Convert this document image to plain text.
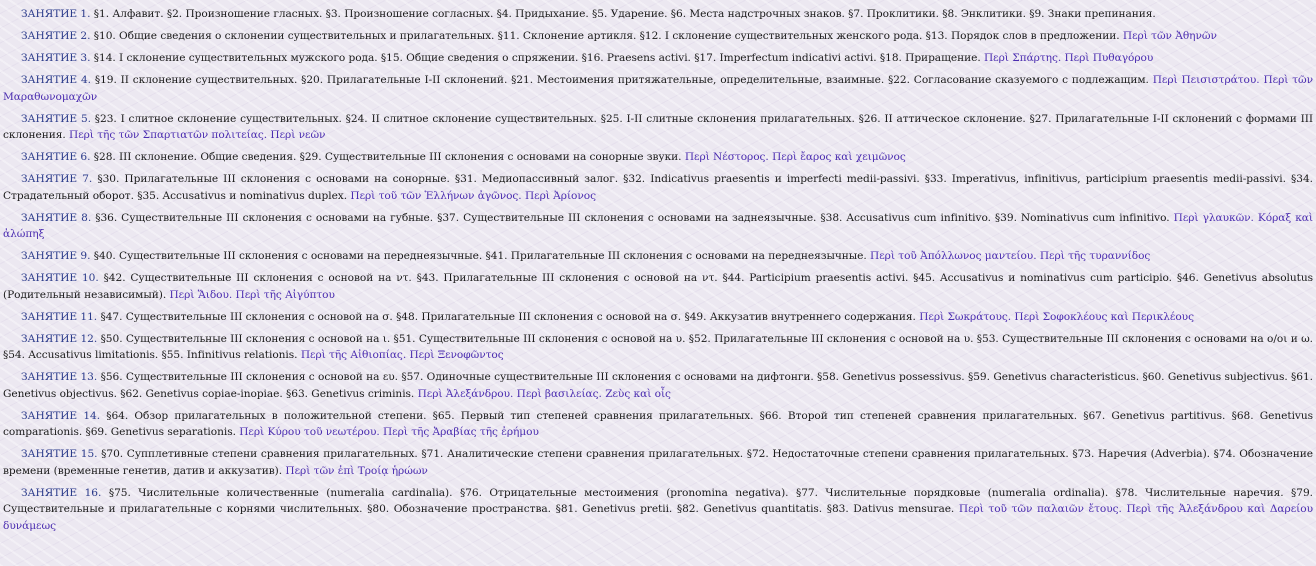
ЗАНЯТИЕ 1. §1. Алфавит. §2. Произношение гласных. §3. Произношение согласных. §4. Придыхание. §5. Ударение. §6. Места надстрочных знаков. §7. Проклитики. §8. Энклитики. §9. Знаки препинания.

ЗАНЯТИЕ 2. §10. Общие сведения о склонении существительных и прилагательных. §11. Склонение артикля. §12. I склонение существительных женского рода. §13. Порядок слов в предложении. Περὶ τῶν Ἀθηνῶν

ЗАНЯТИЕ 3. §14. I склонение существительных мужского рода. §15. Общие сведения о спряжении. §16. Praesens activi. §17. Imperfectum indicativi activi. §18. Приращение. Περὶ Σπάρτης. Περὶ Πυθαγόρου

ЗАНЯТИЕ 4. §19. II склонение существительных. §20. Прилагательные I-II склонений. §21. Местоимения притяжательные, определительные, взаимные. §22. Согласование сказуемого с подлежащим. Περὶ Πεισιστράτου. Περὶ τῶν Μαραθωνομαχῶν

ЗАНЯТИЕ 5. §23. I слитное склонение существительных. §24. II слитное склонение существительных. §25. I-II слитные склонения прилагательных. §26. II аттическое склонение. §27. Прилагательные I-II склонений с формами III склонения. Περὶ τῆς τῶν Σπαρτιατῶν πολιτείας. Περὶ νεῶν

ЗАНЯТИЕ 6. §28. III склонение. Общие сведения. §29. Существительные III склонения с основами на сонорные звуки. Περὶ Νέστορος. Περὶ ἔαρος καὶ χειμῶνος

ЗАНЯТИЕ 7. §30. Прилагательные III склонения с основами на сонорные. §31. Медиопассивный залог. §32. Indicativus praesentis и imperfecti medii-passivi. §33. Imperativus, infinitivus, participium praesentis medii-passivi. §34. Страдательный оборот. §35. Accusativus и nominativus duplex. Περὶ τοῦ τῶν Ἑλλήνων ἀγῶνος. Περὶ Ἀρίονος

ЗАНЯТИЕ 8. §36. Существительные III склонения с основами на губные. §37. Существительные III склонения с основами на заднеязычные. §38. Accusativus cum infinitivo. §39. Nominativus cum infinitivo. Περὶ γλαυκῶν. Κόραξ καὶ ἀλώπηξ

ЗАНЯТИЕ 9. §40. Существительные III склонения с основами на переднеязычные. §41. Прилагательные III склонения с основами на переднеязычные. Περὶ τοῦ Ἀπόλλωνος μαντείου. Περὶ τῆς τυραννίδος

ЗАНЯТИЕ 10. §42. Существительные III склонения с основой на ντ. §43. Прилагательные III склонения с основой на ντ. §44. Participium praesentis activi. §45. Accusativus и nominativus cum participio. §46. Genetivus absolutus (Родительный независимый). Περὶ Ἅιδου. Περὶ τῆς Αἰγύπτου

ЗАНЯТИЕ 11. §47. Существительные III склонения с основой на σ. §48. Прилагательные III склонения с основой на σ. §49. Аккузатив внутреннего содержания. Περὶ Σωκράτους. Περὶ Σοφοκλέους καὶ Περικλέους

ЗАНЯТИЕ 12. §50. Существительные III склонения с основой на ι. §51. Существительные III склонения с основой на υ. §52. Прилагательные III склонения с основой на υ. §53. Существительные III склонения с основами на ο/οι и ω. §54. Accusativus limitationis. §55. Infinitivus relationis. Περὶ τῆς Αἰθιοπίας. Περὶ Ξενοφῶντος

ЗАНЯТИЕ 13. §56. Существительные III склонения с основой на ευ. §57. Одиночные существительные III склонения с основами на дифтонги. §58. Genetivus possessivus. §59. Genetivus characteristicus. §60. Genetivus subjectivus. §61. Genetivus objectivus. §62. Genetivus copiae-inopiae. §63. Genetivus criminis. Περὶ Ἀλεξάνδρου. Περὶ βασιλείας. Ζεὺς καὶ οἶς

ЗАНЯТИЕ 14. §64. Обзор прилагательных в положительной степени. §65. Первый тип степеней сравнения прилагательных. §66. Второй тип степеней сравнения прилагательных. §67. Genetivus partitivus. §68. Genetivus comparationis. §69. Genetivus separationis. Περὶ Κύρου τοῦ νεωτέρου. Περὶ τῆς Ἀραβίας τῆς ἐρήμου

ЗАНЯТИЕ 15. §70. Супплетивные степени сравнения прилагательных. §71. Аналитические степени сравнения прилагательных. §72. Недостаточные степени сравнения прилагательных. §73. Наречия (Adverbia). §74. Обозначение времени (временные генетив, датив и аккузатив). Περὶ τῶν ἐπὶ Τροίᾳ ἡρώων

ЗАНЯТИЕ 16. §75. Числительные количественные (numeralia cardinalia). §76. Отрицательные местоимения (pronomina negativa). §77. Числительные порядковые (numeralia ordinalia). §78. Числительные наречия. §79. Существительные и прилагательные с корнями числительных. §80. Обозначение пространства. §81. Genetivus pretii. §82. Genetivus quantitatis. §83. Dativus mensurae. Περὶ τοῦ τῶν παλαιῶν ἔτους. Περὶ τῆς Ἀλεξάνδρου καὶ Δαρείου δυνάμεως
